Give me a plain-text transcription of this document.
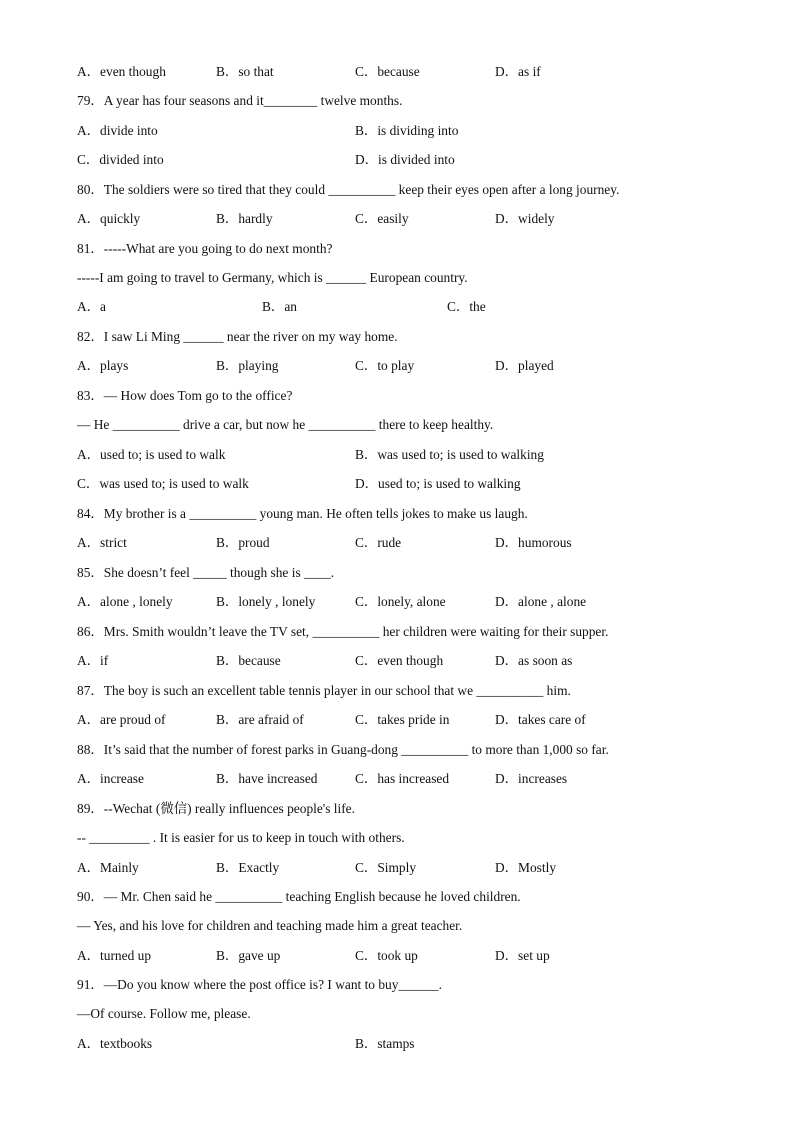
A．even though	B．so that	C．because	D．as if
79．A year has four seasons and it________ twelve months.
A．divide into	B．is dividing into
C．divided into	D．is divided into
80．The soldiers were so tired that they could __________ keep their eyes open after a long journey.
A．quickly	B．hardly	C．easily	D．widely
81．-----What are you going to do next month?
-----I am going to travel to Germany, which is ______ European country.
A．a	B．an	C．the
82．I saw Li Ming ______ near the river on my way home.
A．plays	B．playing	C．to play	D．played
83．— How does Tom go to the office?
— He __________ drive a car, but now he __________ there to keep healthy.
A．used to; is used to walk	B．was used to; is used to walking
C．was used to; is used to walk	D．used to; is used to walking
84．My brother is a __________ young man. He often tells jokes to make us laugh.
A．strict	B．proud	C．rude	D．humorous
85．She doesn’t feel _____ though she is ____.
A．alone , lonely	B．lonely , lonely	C．lonely, alone	D．alone , alone
86．Mrs. Smith wouldn’t leave the TV set, __________ her children were waiting for their supper.
A．if	B．because	C．even though	D．as soon as
87．The boy is such an excellent table tennis player in our school that we __________ him.
A．are proud of	B．are afraid of	C．takes pride in	D．takes care of
88．It’s said that the number of forest parks in Guang-dong __________ to more than 1,000 so far.
A．increase	B．have increased	C．has increased	D．increases
89．--Wechat (微信) really influences people's life.
-- _________ . It is easier for us to keep in touch with others.
A．Mainly	B．Exactly	C．Simply	D．Mostly
90．— Mr. Chen said he __________ teaching English because he loved children.
— Yes, and his love for children and teaching made him a great teacher.
A．turned up	B．gave up	C．took up	D．set up
91．—Do you know where the post office is? I want to buy______.
—Of course. Follow me, please.
A．textbooks	B．stamps
